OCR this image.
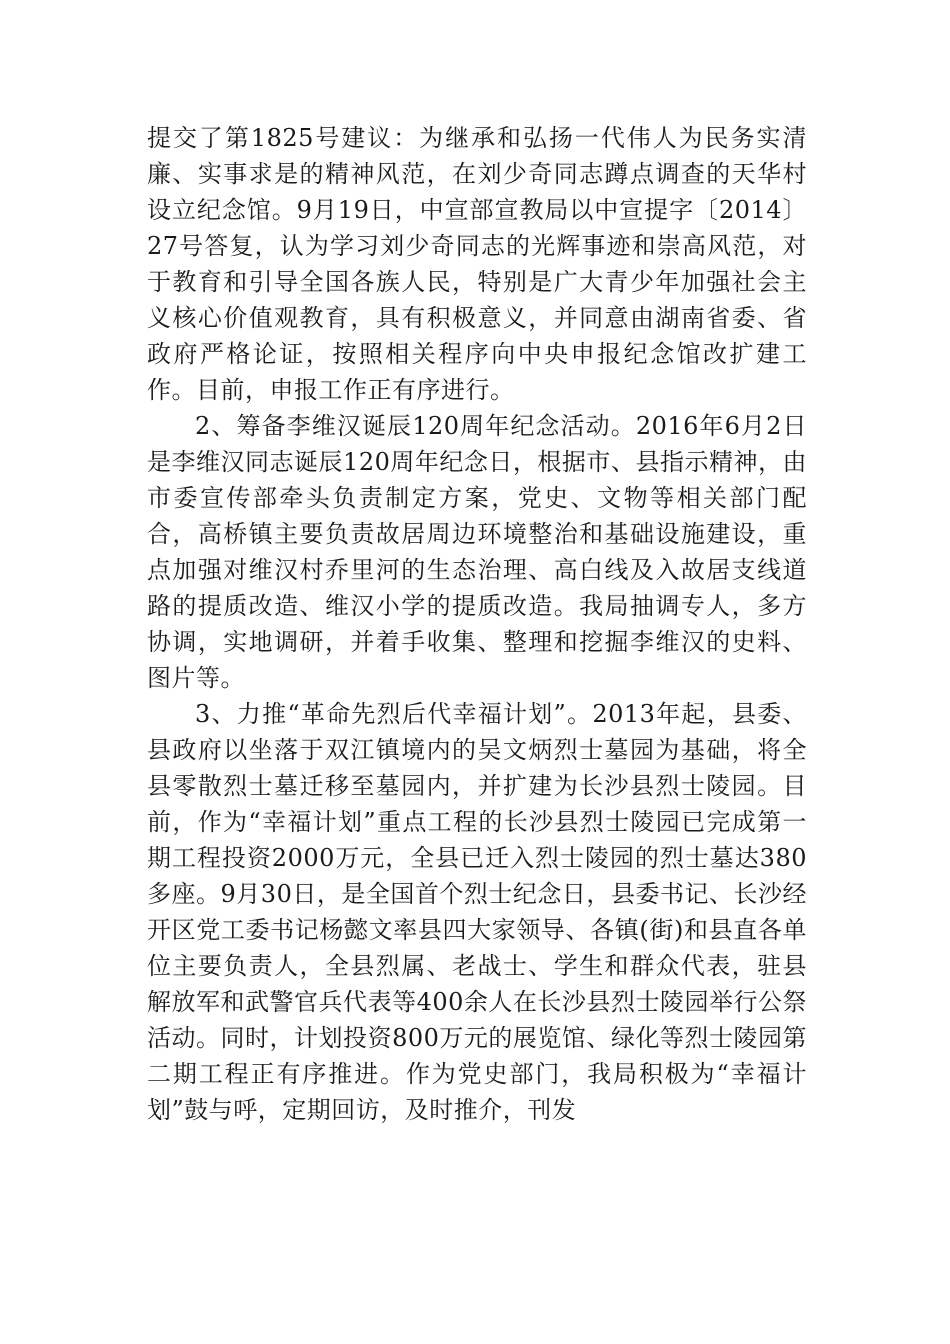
提交了第1825号建议：为继承和弘扬一代伟人为民务实清廉、实事求是的精神风范，在刘少奇同志蹲点调查的天华村设立纪念馆。9月19日，中宣部宣教局以中宣提字〔2014〕27号答复，认为学习刘少奇同志的光辉事迹和崇高风范，对于教育和引导全国各族人民，特别是广大青少年加强社会主义核心价值观教育，具有积极意义，并同意由湖南省委、省政府严格论证，按照相关程序向中央申报纪念馆改扩建工作。目前，申报工作正有序进行。

2、筹备李维汉诞辰120周年纪念活动。2016年6月2日是李维汉同志诞辰120周年纪念日，根据市、县指示精神，由市委宣传部牵头负责制定方案，党史、文物等相关部门配合，高桥镇主要负责故居周边环境整治和基础设施建设，重点加强对维汉村乔里河的生态治理、高白线及入故居支线道路的提质改造、维汉小学的提质改造。我局抽调专人，多方协调，实地调研，并着手收集、整理和挖掘李维汉的史料、图片等。

3、力推“革命先烈后代幸福计划”。2013年起，县委、县政府以坐落于双江镇境内的吴文炳烈士墓园为基础，将全县零散烈士墓迁移至墓园内，并扩建为长沙县烈士陵园。目前，作为“幸福计划”重点工程的长沙县烈士陵园已完成第一期工程投资2000万元，全县已迁入烈士陵园的烈士墓达380多座。9月30日，是全国首个烈士纪念日，县委书记、长沙经开区党工委书记杨懿文率县四大家领导、各镇(街)和县直各单位主要负责人，全县烈属、老战士、学生和群众代表，驻县解放军和武警官兵代表等400余人在长沙县烈士陵园举行公祭活动。同时，计划投资800万元的展览馆、绿化等烈士陵园第二期工程正有序推进。作为党史部门，我局积极为“幸福计划”鼓与呼，定期回访，及时推介，刊发
